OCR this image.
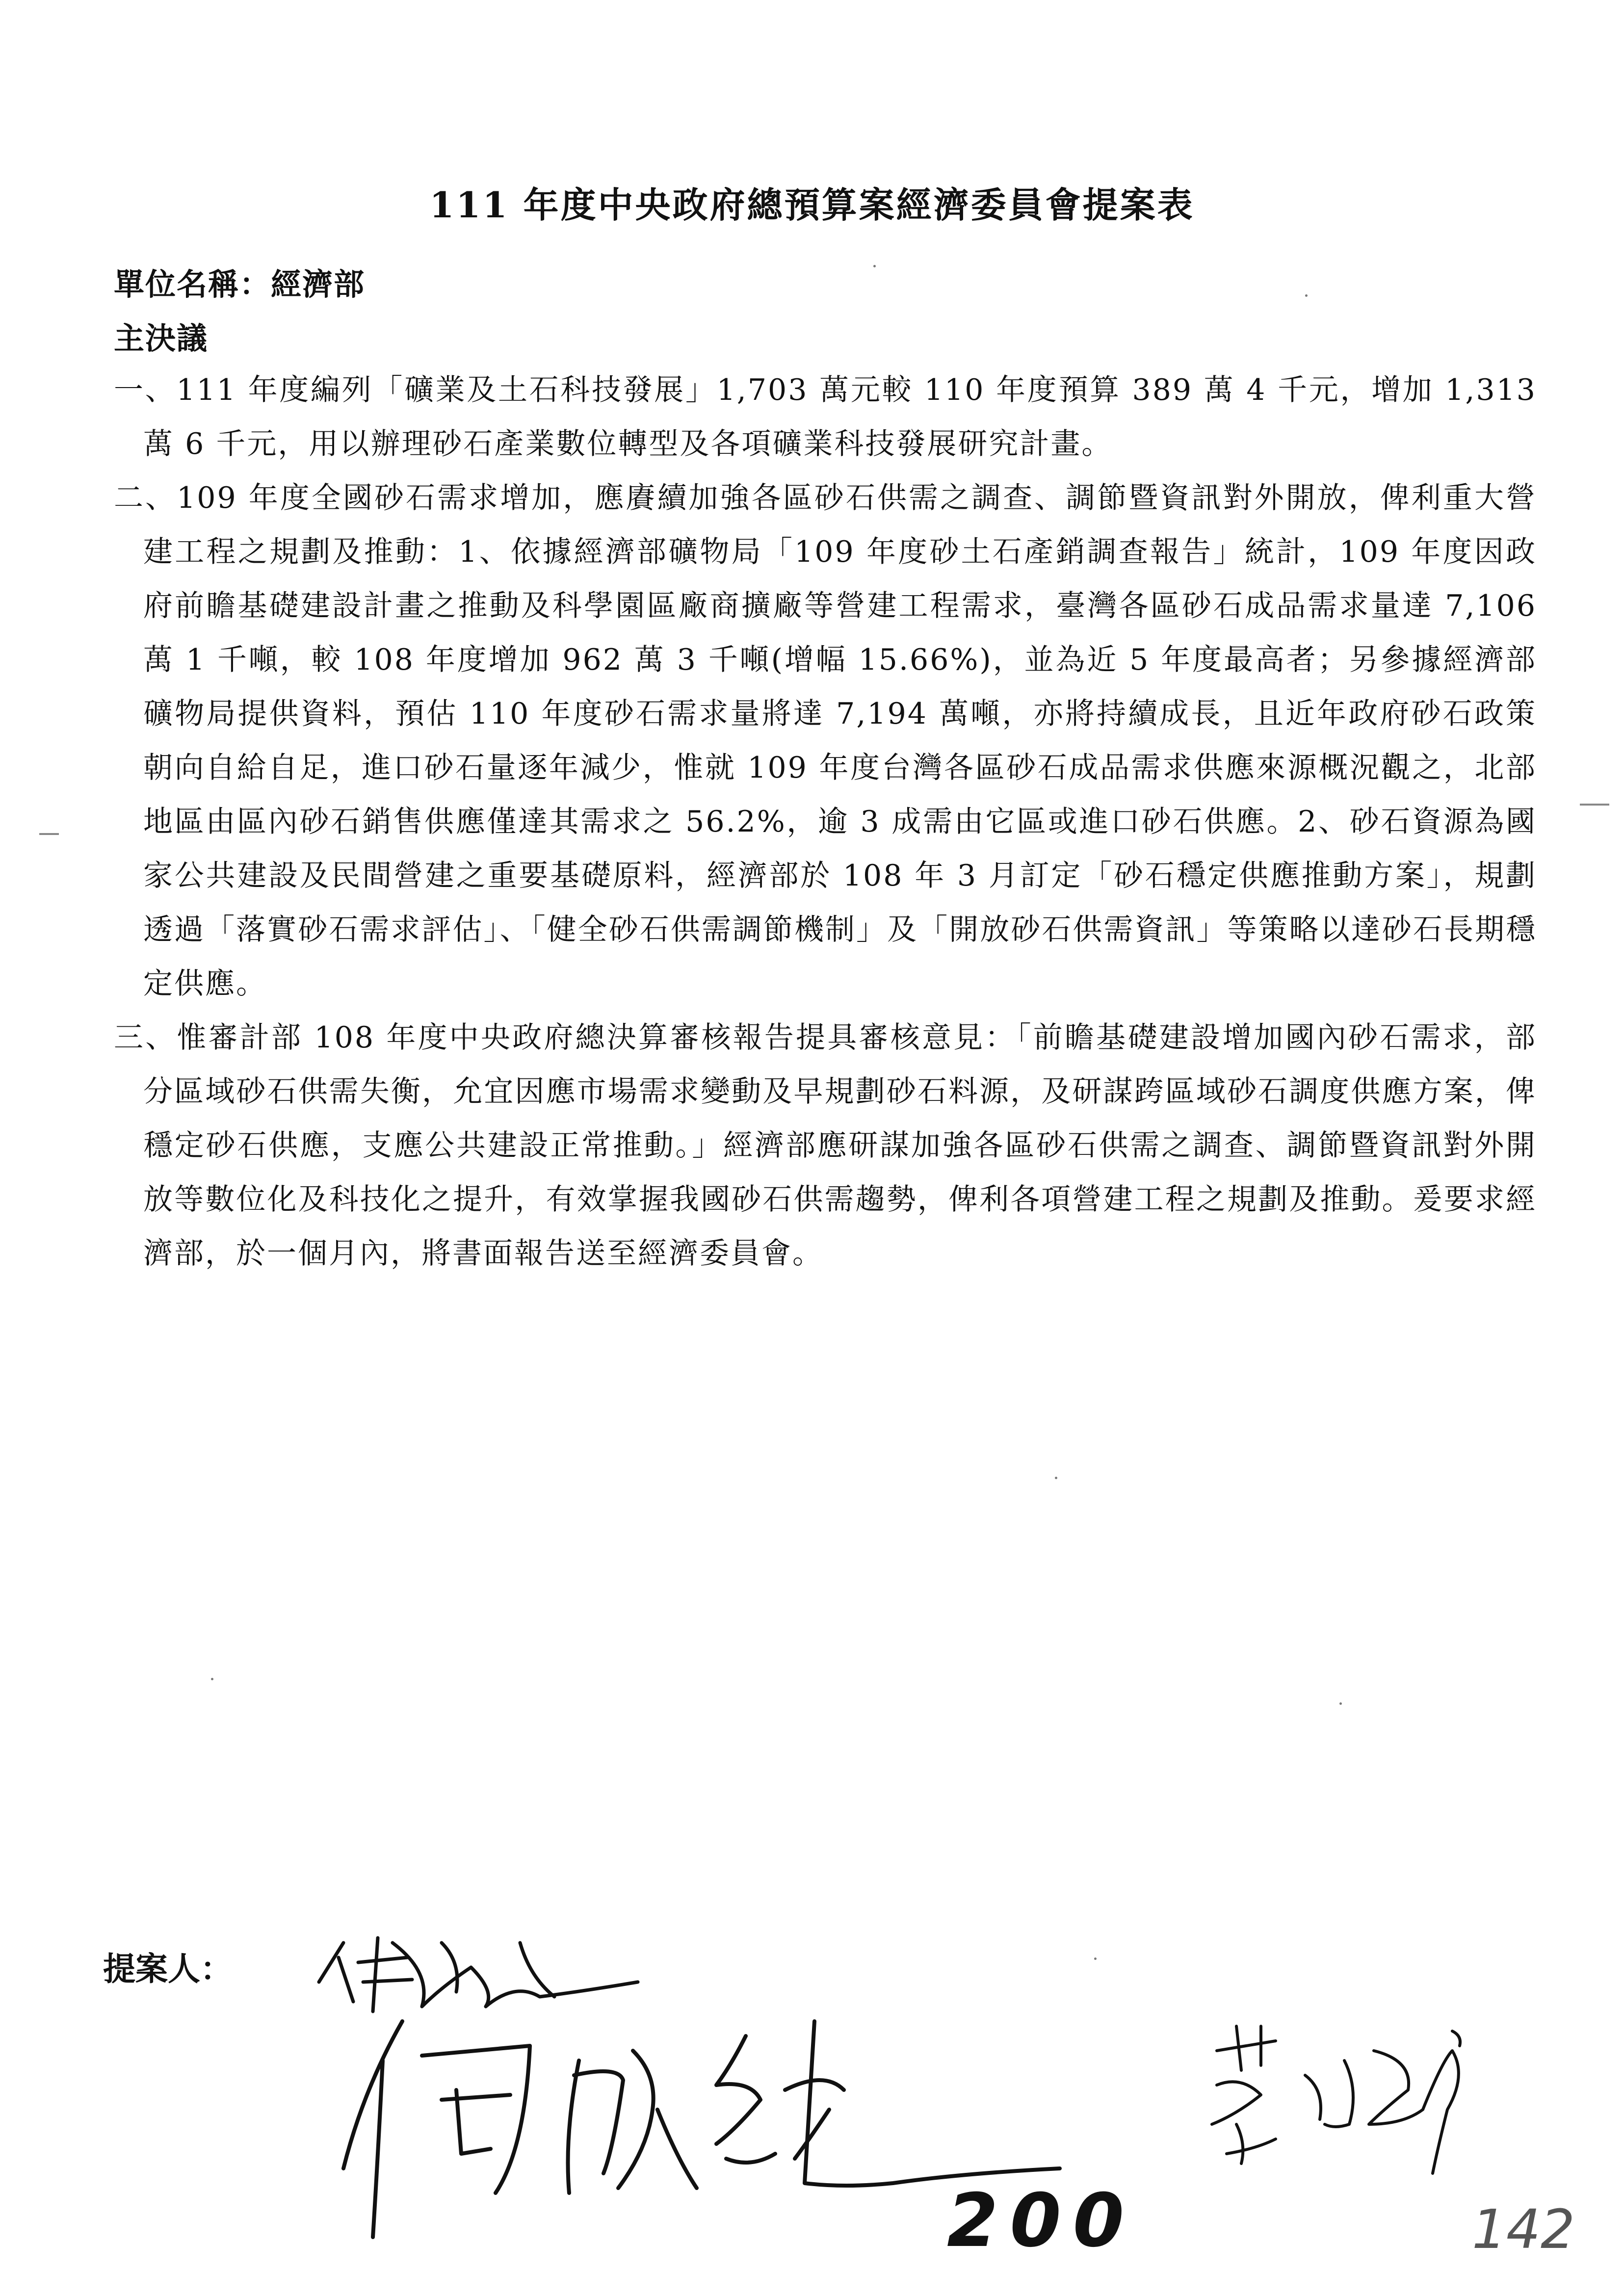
111 年度中央政府總預算案經濟委員會提案表
單位名稱：經濟部
主決議

一、111 年度編列「礦業及土石科技發展」1,703 萬元較 110 年度預算 389 萬 4 千元，增加 1,313 萬 6 千元，用以辦理砂石產業數位轉型及各項礦業科技發展研究計畫。

二、109 年度全國砂石需求增加，應賡續加強各區砂石供需之調查、調節暨資訊對外開放，俾利重大營建工程之規劃及推動：1、依據經濟部礦物局「109 年度砂土石產銷調查報告」統計，109 年度因政府前瞻基礎建設計畫之推動及科學園區廠商擴廠等營建工程需求，臺灣各區砂石成品需求量達 7,106 萬 1 千噸，較 108 年度增加 962 萬 3 千噸(增幅 15.66%)，並為近 5 年度最高者；另參據經濟部礦物局提供資料，預估 110 年度砂石需求量將達 7,194 萬噸，亦將持續成長，且近年政府砂石政策朝向自給自足，進口砂石量逐年減少，惟就 109 年度台灣各區砂石成品需求供應來源概況觀之，北部地區由區內砂石銷售供應僅達其需求之 56.2%，逾 3 成需由它區或進口砂石供應。2、砂石資源為國家公共建設及民間營建之重要基礎原料，經濟部於 108 年 3 月訂定「砂石穩定供應推動方案」，規劃透過「落實砂石需求評估」、「健全砂石供需調節機制」及「開放砂石供需資訊」等策略以達砂石長期穩定供應。

三、惟審計部 108 年度中央政府總決算審核報告提具審核意見：「前瞻基礎建設增加國內砂石需求，部分區域砂石供需失衡，允宜因應市場需求變動及早規劃砂石料源，及研謀跨區域砂石調度供應方案，俾穩定砂石供應，支應公共建設正常推動。」經濟部應研謀加強各區砂石供需之調查、調節暨資訊對外開放等數位化及科技化之提升，有效掌握我國砂石供需趨勢，俾利各項營建工程之規劃及推動。爰要求經濟部，於一個月內，將書面報告送至經濟委員會。

提案人：
200	142
